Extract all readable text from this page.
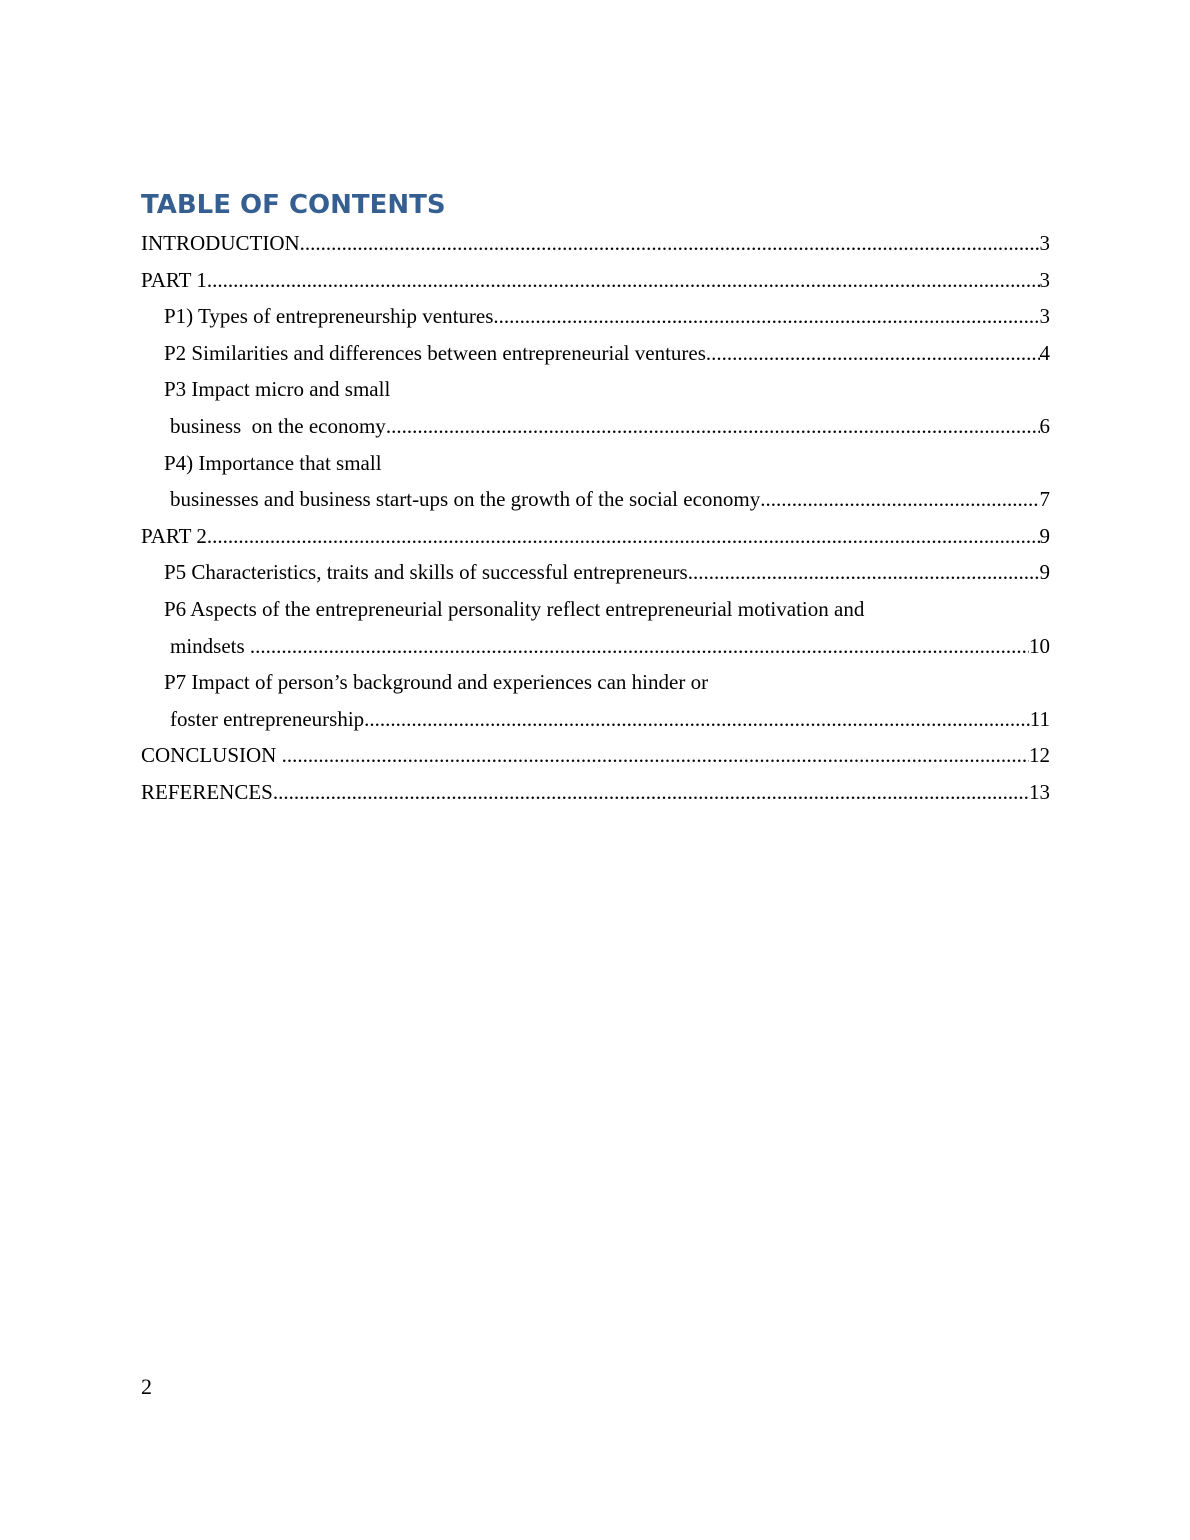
TABLE OF CONTENTS
INTRODUCTION .....	3
PART 1 .....	3
P1) Types of entrepreneurship ventures .....	3
P2 Similarities and differences between entrepreneurial ventures .....	4
P3 Impact micro and small
business  on the economy .....	6
P4) Importance that small
businesses and business start-ups on the growth of the social economy .....	7
PART 2 .....	9
P5 Characteristics, traits and skills of successful entrepreneurs .....	9
P6 Aspects of the entrepreneurial personality reflect entrepreneurial motivation and
mindsets .....	10
P7 Impact of person’s background and experiences can hinder or
foster entrepreneurship .....	11
CONCLUSION .....	12
REFERENCES .....	13
2
